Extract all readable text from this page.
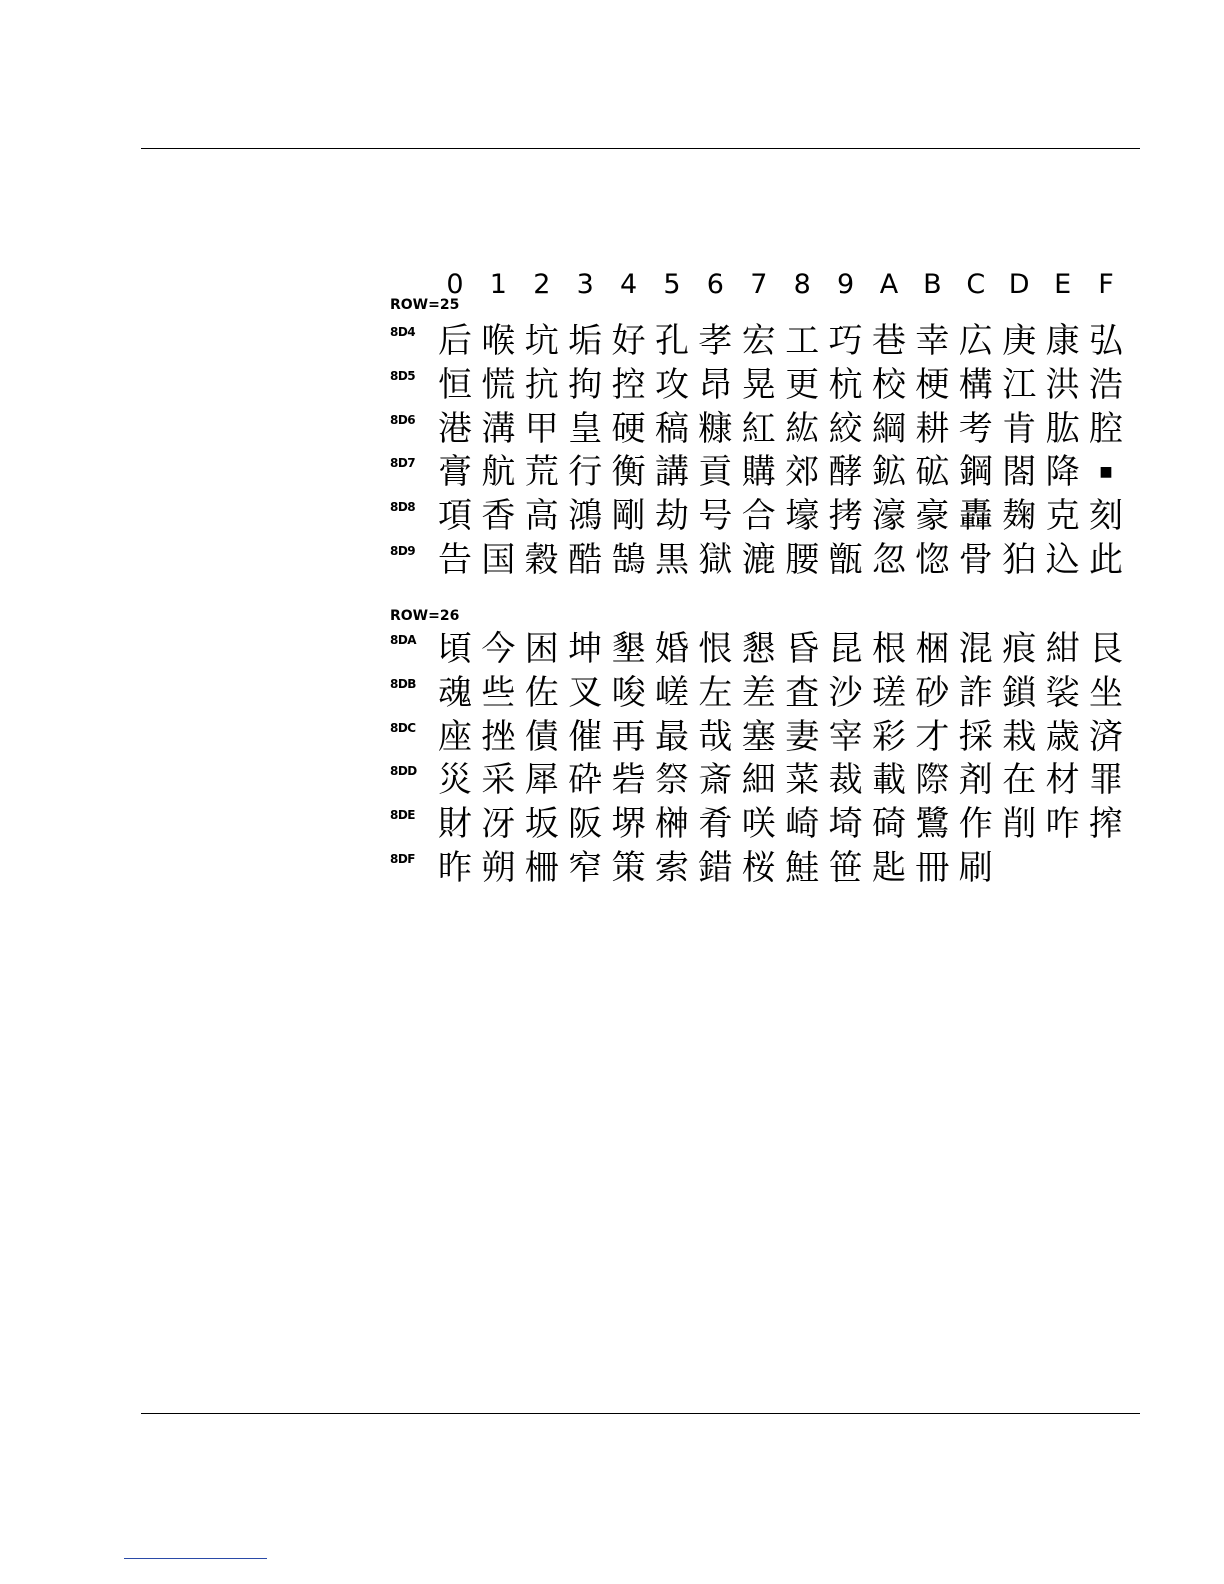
0 1 2 3 4 5 6 7 8 9 A B C D E	F
ROW=25
8D4 后 喉 坑 垢 好 孔 孝 宏 工 巧 巷 幸 広 庚 康 弘
8D5 恒 慌 抗 拘 控 攻 昂 晃 更 杭 校 梗 構 江 洪 浩
8D6 港 溝 甲 皇 硬 稿 糠 紅 紘 絞 綱 耕 考 肯 肱 腔
8D7 膏 航 荒 行 衡 講 貢 購 郊 酵 鉱 砿 鋼 閤 降	■
8D8 項 香 高 鴻 剛 劫 号 合 壕 拷 濠 豪 轟 麹 克 刻
8D9 告 国 穀 酷 鵠 黒 獄 漉 腰 甑 忽 惚 骨 狛 込 此
ROW=26
8DA 頃 今 困 坤 墾 婚 恨 懇 昏 昆 根 梱 混 痕 紺 艮
8DB 魂 些 佐 叉 唆 嵯 左 差 査 沙 瑳 砂 詐 鎖 裟 坐
8DC 座 挫 債 催 再 最 哉 塞 妻 宰 彩 才 採 栽 歳 済
8DD 災 采 犀 砕 砦 祭 斎 細 菜 裁 載 際 剤 在 材 罪
8DE 財 冴 坂 阪 堺 榊 肴 咲 崎 埼 碕 鷺 作 削 咋 搾
8DF 昨 朔 柵 窄 策 索 錯 桜 鮭 笹 匙 冊 刷
